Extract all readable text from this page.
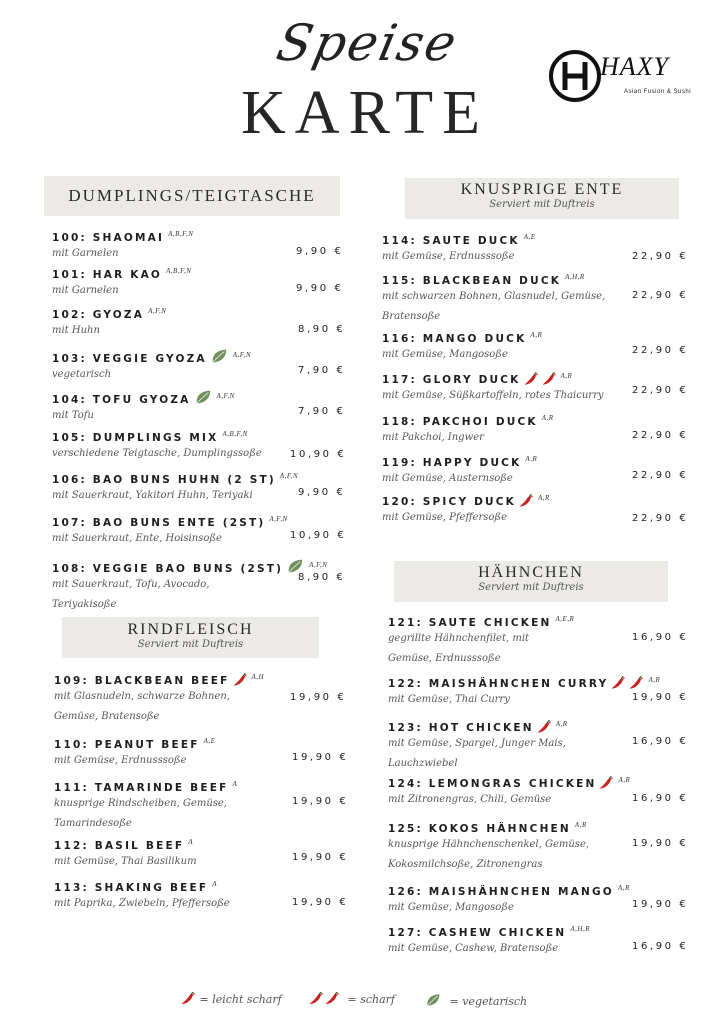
Speise
KARTE
HAXY
Asian Fusion & Sushi
DUMPLINGS/TEIGTASCHE
RINDFLEISCH
Serviert mit Duftreis
KNUSPRIGE ENTE
Serviert mit Duftreis
HÄHNCHEN
Serviert mit Duftreis
100: SHAOMAI $^{A,B,F,N}$
mit Garnelen	9,90 €
101: HAR KAO $^{A,B,F,N}$
mit Garnelen	9,90 €
102: GYOZA $^{A,F,N}$
mit Huhn	8,90 €
103: VEGGIE GYOZA	$^{A,F,N}$
vegetarisch	7,90 €
104: TOFU GYOZA	$^{A,F,N}$
mit Tofu	7,90 €
105: DUMPLINGS MIX $^{A,B,F,N}$
verschiedene Teigtasche, Dumplingssoße	10,90 €
106: BAO BUNS HUHN (2 ST) $^{A,F,N}$
mit Sauerkraut, Yakitori Huhn, Teriyaki	9,90 €
107: BAO BUNS ENTE (2ST) $^{A,F,N}$
mit Sauerkraut, Ente, Hoisinsoße	10,90 €
108: VEGGIE BAO BUNS (2ST)	$^{A,F,N}$
mit Sauerkraut, Tofu, Avocado,
Teriyakisoße
8,90 €
109: BLACKBEAN BEEF	$^{A,H}$
mit Glasnudeln, schwarze Bohnen,
Gemüse, Bratensoße
19,90 €
110: PEANUT BEEF $^{A,E}$
mit Gemüse, Erdnusssoße	19,90 €
111: TAMARINDE BEEF $^A$
knusprige Rindscheiben, Gemüse,
Tamarindesoße
19,90 €
112: BASIL BEEF $^A$
mit Gemüse, Thai Basilikum	19,90 €
113: SHAKING BEEF $^A$
mit Paprika, Zwiebeln, Pfeffersoße	19,90 €
114: SAUTE DUCK $^{A,E}$
mit Gemüse, Erdnusssoße	22,90 €
115: BLACKBEAN DUCK $^{A,H,R}$
mit schwarzen Bohnen, Glasnudel, Gemüse,
Bratensoße
22,90 €
116: MANGO DUCK $^{A,R}$
mit Gemüse, Mangosoße	22,90 €
117: GLORY DUCK	$^{A,R}$
mit Gemüse, Süßkartoffeln, rotes Thaicurry	22,90 €
118: PAKCHOI DUCK $^{A,R}$
mit Pakchoi, Ingwer	22,90 €
119: HAPPY DUCK $^{A,R}$
mit Gemüse, Austernsoße	22,90 €
120: SPICY DUCK	$^{A,R}$
mit Gemüse, Pfeffersoße	22,90 €
121: SAUTE CHICKEN $^{A,E,R}$
gegrillte Hähnchenfilet, mit
Gemüse, Erdnusssoße
16,90 €
122: MAISHÄHNCHEN CURRY	$^{A,R}$
mit Gemüse, Thai Curry	19,90 €
123: HOT CHICKEN	$^{A,R}$
mit Gemüse, Spargel, Junger Mais,
Lauchzwiebel
16,90 €
124: LEMONGRAS CHICKEN	$^{A,R}$
mit Zitronengras, Chili, Gemüse	16,90 €
125: KOKOS HÄHNCHEN $^{A,R}$
knusprige Hähnchenschenkel, Gemüse,
Kokosmilchsoße, Zitronengras
19,90 €
126: MAISHÄHNCHEN MANGO $^{A,R}$
mit Gemüse, Mangosoße	19,90 €
127: CASHEW CHICKEN $^{A,H,R}$
mit Gemüse, Cashew, Bratensoße	16,90 €
= leicht scharf	= scharf	= vegetarisch
